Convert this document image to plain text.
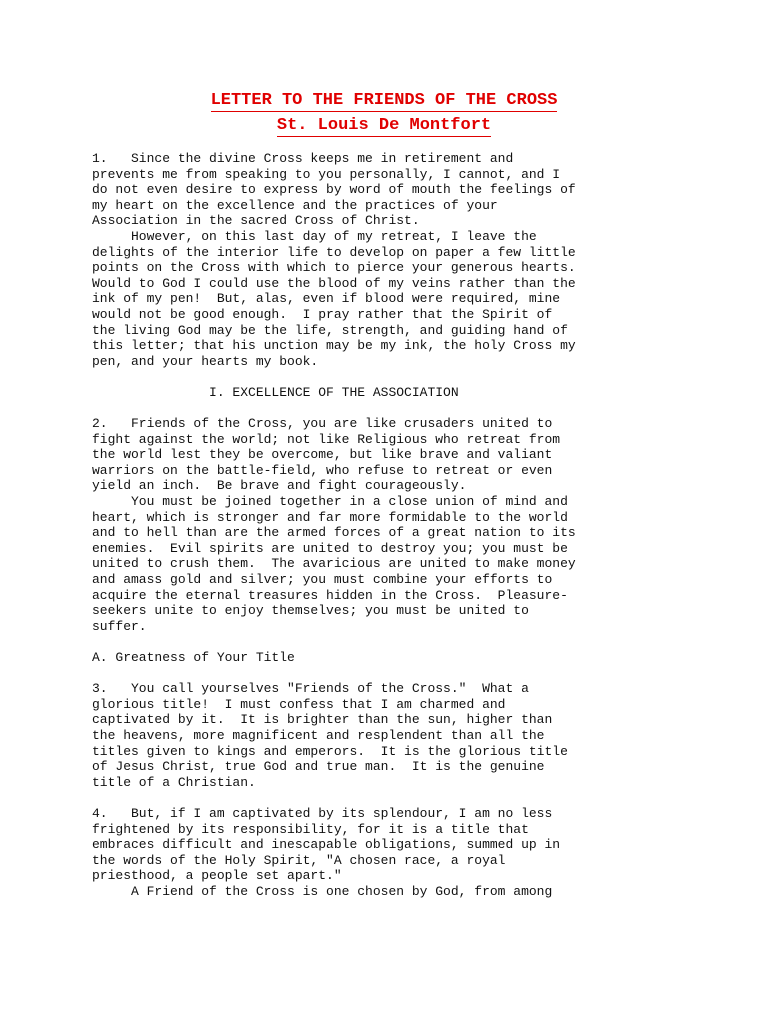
LETTER TO THE FRIENDS OF THE CROSS
St. Louis De Montfort
1.   Since the divine Cross keeps me in retirement and
prevents me from speaking to you personally, I cannot, and I
do not even desire to express by word of mouth the feelings of
my heart on the excellence and the practices of your
Association in the sacred Cross of Christ.
However, on this last day of my retreat, I leave the
delights of the interior life to develop on paper a few little
points on the Cross with which to pierce your generous hearts.
Would to God I could use the blood of my veins rather than the
ink of my pen!  But, alas, even if blood were required, mine
would not be good enough.  I pray rather that the Spirit of
the living God may be the life, strength, and guiding hand of
this letter; that his unction may be my ink, the holy Cross my
pen, and your hearts my book.
I. EXCELLENCE OF THE ASSOCIATION
2.   Friends of the Cross, you are like crusaders united to
fight against the world; not like Religious who retreat from
the world lest they be overcome, but like brave and valiant
warriors on the battle-field, who refuse to retreat or even
yield an inch.  Be brave and fight courageously.
You must be joined together in a close union of mind and
heart, which is stronger and far more formidable to the world
and to hell than are the armed forces of a great nation to its
enemies.  Evil spirits are united to destroy you; you must be
united to crush them.  The avaricious are united to make money
and amass gold and silver; you must combine your efforts to
acquire the eternal treasures hidden in the Cross.  Pleasure-
seekers unite to enjoy themselves; you must be united to
suffer.
A. Greatness of Your Title
3.   You call yourselves "Friends of the Cross."  What a
glorious title!  I must confess that I am charmed and
captivated by it.  It is brighter than the sun, higher than
the heavens, more magnificent and resplendent than all the
titles given to kings and emperors.  It is the glorious title
of Jesus Christ, true God and true man.  It is the genuine
title of a Christian.
4.   But, if I am captivated by its splendour, I am no less
frightened by its responsibility, for it is a title that
embraces difficult and inescapable obligations, summed up in
the words of the Holy Spirit, "A chosen race, a royal
priesthood, a people set apart."
A Friend of the Cross is one chosen by God, from among
